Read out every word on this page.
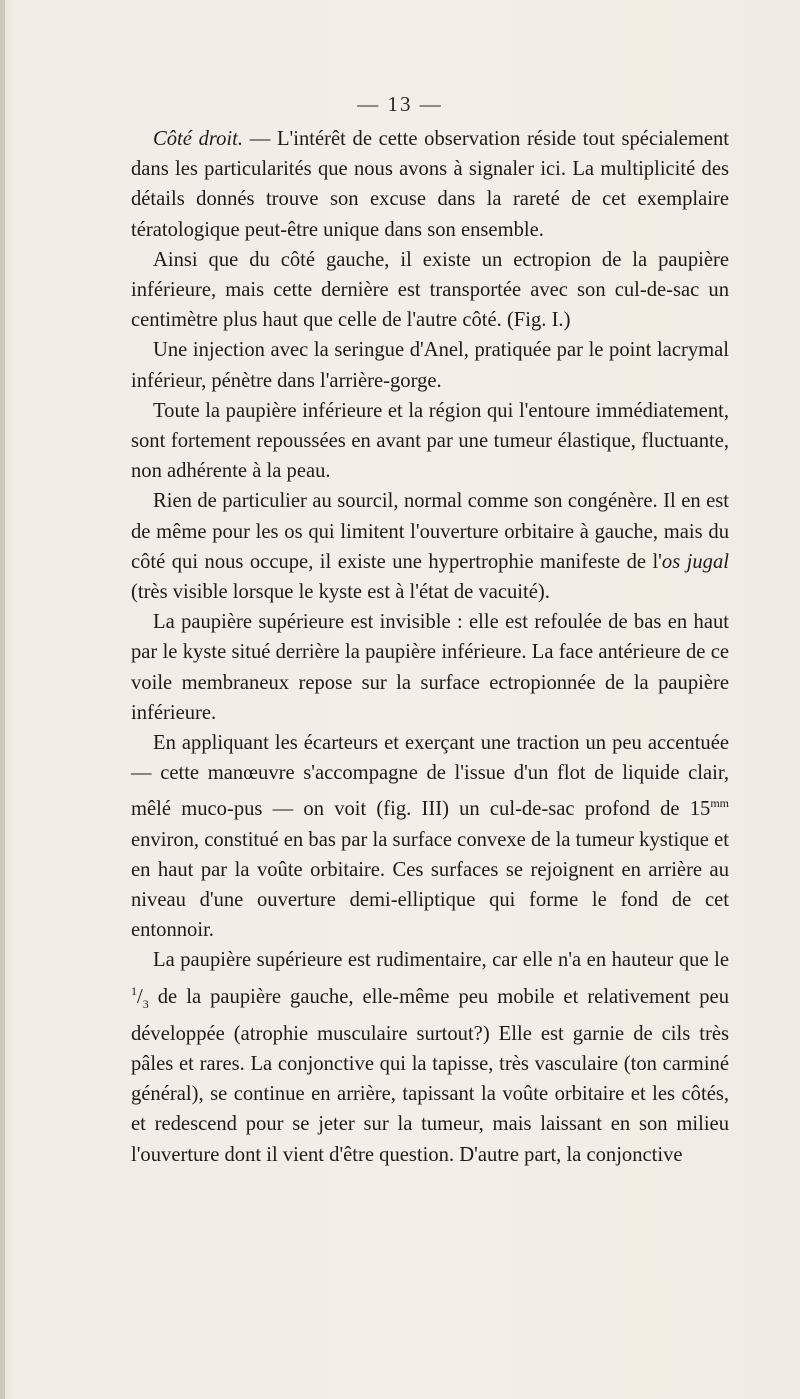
— 13 —

Côté droit. — L'intérêt de cette observation réside tout spécialement dans les particularités que nous avons à signaler ici. La multiplicité des détails donnés trouve son excuse dans la rareté de cet exemplaire tératologique peut-être unique dans son ensemble.

Ainsi que du côté gauche, il existe un ectropion de la paupière inférieure, mais cette dernière est transportée avec son cul-de-sac un centimètre plus haut que celle de l'autre côté. (Fig. I.)

Une injection avec la seringue d'Anel, pratiquée par le point lacrymal inférieur, pénètre dans l'arrière-gorge.

Toute la paupière inférieure et la région qui l'entoure immédiatement, sont fortement repoussées en avant par une tumeur élastique, fluctuante, non adhérente à la peau.

Rien de particulier au sourcil, normal comme son congénère. Il en est de même pour les os qui limitent l'ouverture orbitaire à gauche, mais du côté qui nous occupe, il existe une hypertrophie manifeste de l'os jugal (très visible lorsque le kyste est à l'état de vacuité).

La paupière supérieure est invisible : elle est refoulée de bas en haut par le kyste situé derrière la paupière inférieure. La face antérieure de ce voile membraneux repose sur la surface ectropionnée de la paupière inférieure.

En appliquant les écarteurs et exerçant une traction un peu accentuée — cette manœuvre s'accompagne de l'issue d'un flot de liquide clair, mêlé muco-pus — on voit (fig. III) un cul-de-sac profond de $15^{mm}$ environ, constitué en bas par la surface convexe de la tumeur kystique et en haut par la voûte orbitaire. Ces surfaces se rejoignent en arrière au niveau d'une ouverture demi-elliptique qui forme le fond de cet entonnoir.

La paupière supérieure est rudimentaire, car elle n'a en hauteur que le $^1/_3$ de la paupière gauche, elle-même peu mobile et relativement peu développée (atrophie musculaire surtout?) Elle est garnie de cils très pâles et rares. La conjonctive qui la tapisse, très vasculaire (ton carminé général), se continue en arrière, tapissant la voûte orbitaire et les côtés, et redescend pour se jeter sur la tumeur, mais laissant en son milieu l'ouverture dont il vient d'être question. D'autre part, la conjonctive
